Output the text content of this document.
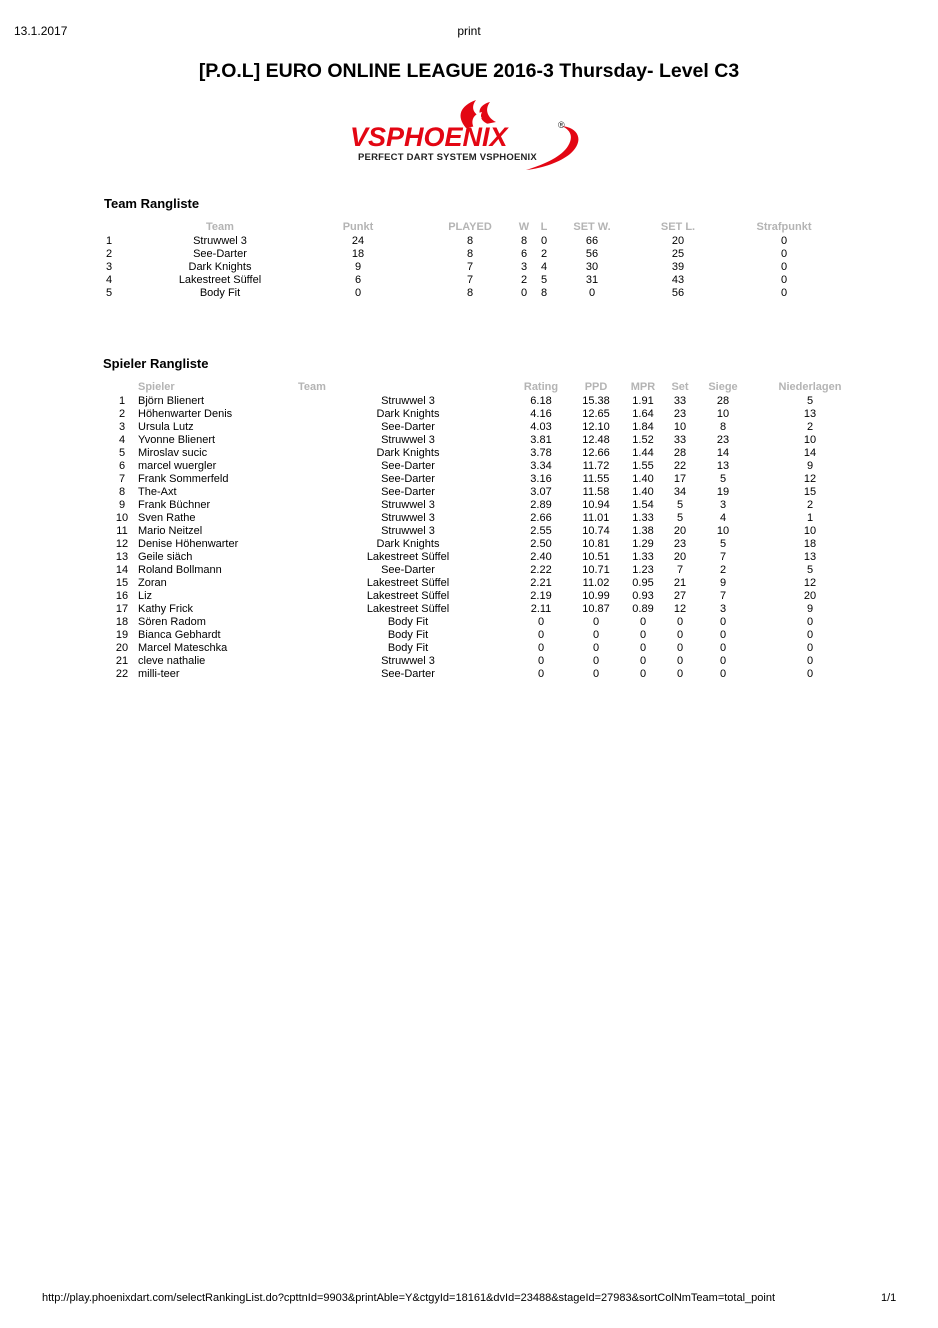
13.1.2017	print
[P.O.L] EURO ONLINE LEAGUE 2016-3 Thursday- Level C3
VSPHOENIX	®
PERFECT DART SYSTEM VSPHOENIX
Team Rangliste
	Team	Punkt	PLAYED	W	L	SET W.	SET L.	Strafpunkt
1	Struwwel 3	24	8	8	0	66	20	0
2	See-Darter	18	8	6	2	56	25	0
3	Dark Knights	9	7	3	4	30	39	0
4	Lakestreet Süffel	6	7	2	5	31	43	0
5	Body Fit	0	8	0	8	0	56	0
Spieler Rangliste
	Spieler	Team	Rating	PPD	MPR	Set	Siege	Niederlagen
1	Björn Blienert	Struwwel 3	6.18	15.38	1.91	33	28	5
2	Höhenwarter Denis	Dark Knights	4.16	12.65	1.64	23	10	13
3	Ursula Lutz	See-Darter	4.03	12.10	1.84	10	8	2
4	Yvonne Blienert	Struwwel 3	3.81	12.48	1.52	33	23	10
5	Miroslav sucic	Dark Knights	3.78	12.66	1.44	28	14	14
6	marcel wuergler	See-Darter	3.34	11.72	1.55	22	13	9
7	Frank Sommerfeld	See-Darter	3.16	11.55	1.40	17	5	12
8	The-Axt	See-Darter	3.07	11.58	1.40	34	19	15
9	Frank Büchner	Struwwel 3	2.89	10.94	1.54	5	3	2
10	Sven Rathe	Struwwel 3	2.66	11.01	1.33	5	4	1
11	Mario Neitzel	Struwwel 3	2.55	10.74	1.38	20	10	10
12	Denise Höhenwarter	Dark Knights	2.50	10.81	1.29	23	5	18
13	Geile siäch	Lakestreet Süffel	2.40	10.51	1.33	20	7	13
14	Roland Bollmann	See-Darter	2.22	10.71	1.23	7	2	5
15	Zoran	Lakestreet Süffel	2.21	11.02	0.95	21	9	12
16	Liz	Lakestreet Süffel	2.19	10.99	0.93	27	7	20
17	Kathy Frick	Lakestreet Süffel	2.11	10.87	0.89	12	3	9
18	Sören Radom	Body Fit	0	0	0	0	0	0
19	Bianca Gebhardt	Body Fit	0	0	0	0	0	0
20	Marcel Mateschka	Body Fit	0	0	0	0	0	0
21	cleve nathalie	Struwwel 3	0	0	0	0	0	0
22	milli-teer	See-Darter	0	0	0	0	0	0
http://play.phoenixdart.com/selectRankingList.do?cpttnId=9903&printAble=Y&ctgyId=18161&dvId=23488&stageId=27983&sortColNmTeam=total_point	1/1
